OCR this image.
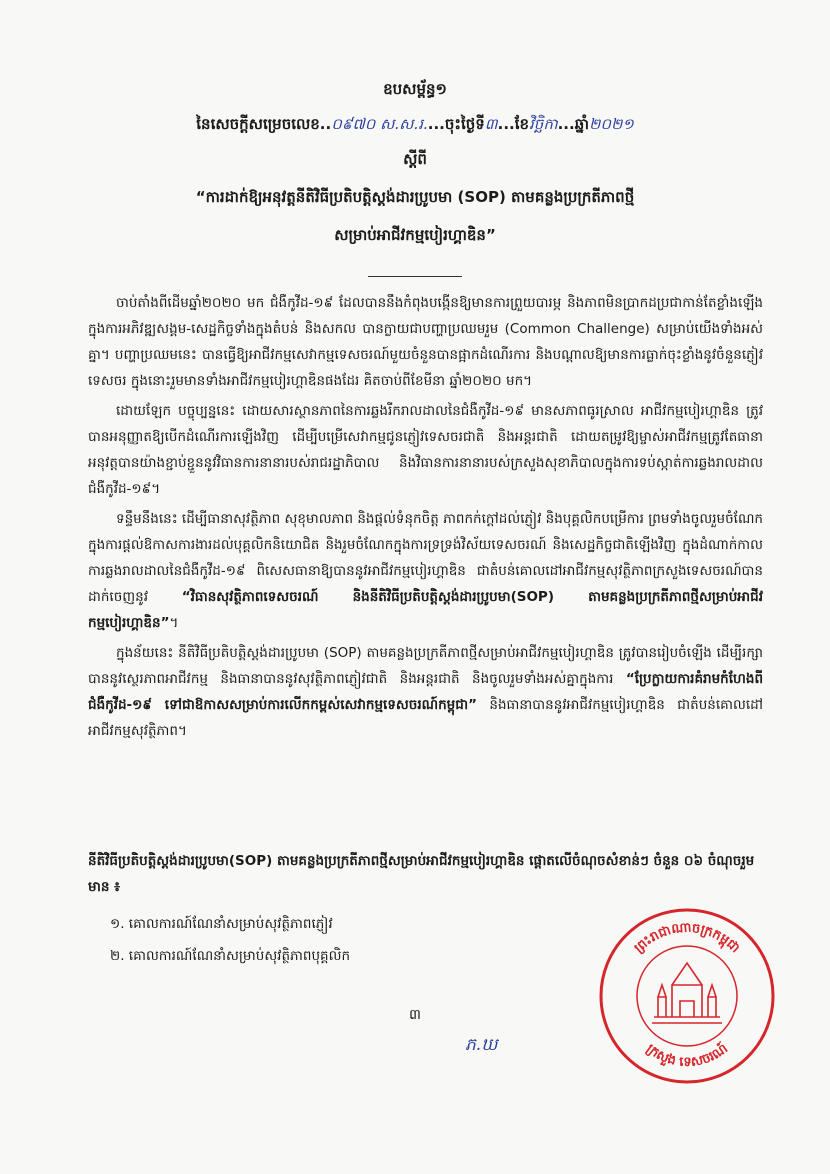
ឧបសម្ព័ន្ធ១
នៃសេចក្ដីសម្រេចលេខ..០៩៧០ ស.ស.រ....ចុះថ្ងៃទី៣...ខែវិច្ឆិកា...ឆ្នាំ២០២១
ស្ដីពី
“ការដាក់ឱ្យអនុវត្តនីតិវិធីប្រតិបត្តិស្តង់ដារប្រូបមា (SOP) តាមគន្លងប្រក្រតីភាពថ្មី
សម្រាប់អាជីវកម្មបៀរហ្គាឌិន”

ចាប់តាំងពីដើមឆ្នាំ២០២០ មក ជំងឺកូវីដ-១៩ ដែលបាននឹងកំពុងបង្កើនឱ្យមានការព្រួយបារម្ភ និងភាពមិនប្រាកដប្រជាកាន់តែខ្លាំងឡើងក្នុងការអភិវឌ្ឍសង្គម-សេដ្ឋកិច្ចទាំងក្នុងតំបន់ និងសកល បានក្លាយជាបញ្ហាប្រឈមរួម (Common Challenge) សម្រាប់យើងទាំងអស់គ្នា។ បញ្ហាប្រឈមនេះ បានធ្វើឱ្យអាជីវកម្មសេវាកម្មទេសចរណ៍មួយចំនួនបានផ្អាកដំណើរការ និងបណ្ដាលឱ្យមានការធ្លាក់ចុះខ្លាំងនូវចំនួនភ្ញៀវទេសចរ ក្នុងនោះរួមមានទាំងអាជីវកម្មបៀរហ្គាឌិនផងដែរ គិតចាប់ពីខែមីនា ឆ្នាំ២០២០ មក។

ដោយឡែក បច្ចុប្បន្ននេះ ដោយសារស្ថានភាពនៃការឆ្លងរីករាលដាលនៃជំងឺកូវីដ-១៩ មានសភាពធូរស្រាល អាជីវកម្មបៀរហ្គាឌិន ត្រូវបានអនុញ្ញាតឱ្យបើកដំណើរការឡើងវិញ ដើម្បីបម្រើសេវាកម្មជូនភ្ញៀវទេសចរជាតិ និងអន្តរជាតិ ដោយតម្រូវឱ្យម្ចាស់អាជីវកម្មត្រូវតែធានាអនុវត្តបានយ៉ាងខ្ជាប់ខ្ជួននូវវិធានការនានារបស់រាជរដ្ឋាភិបាល និងវិធានការនានារបស់ក្រសួងសុខាភិបាលក្នុងការទប់ស្កាត់ការឆ្លងរាលដាលជំងឺកូវីដ-១៩។

ទន្ទឹមនឹងនេះ ដើម្បីធានាសុវត្ថិភាព សុខុមាលភាព និងផ្ដល់ទំនុកចិត្ត ភាពកក់ក្ដៅដល់ភ្ញៀវ និងបុគ្គលិកបម្រើការ ព្រមទាំងចូលរួមចំណែកក្នុងការផ្ដល់ឱកាសការងារដល់បុគ្គលិកនិយោជិត និងរួមចំណែកក្នុងការទ្រទ្រង់វិស័យទេសចរណ៍ និងសេដ្ឋកិច្ចជាតិឡើងវិញ ក្នុងដំណាក់កាលការឆ្លងរាលដាលនៃជំងឺកូវីដ-១៩ ពិសេសធានាឱ្យបាននូវអាជីវកម្មបៀរហ្គាឌិន ជាតំបន់គោលដៅអាជីវកម្មសុវត្ថិភាពក្រសួងទេសចរណ៍បានដាក់ចេញនូវ “វិធានសុវត្ថិភាពទេសចរណ៍ និងនីតិវិធីប្រតិបត្តិស្តង់ដារប្រូបមា(SOP) តាមគន្លងប្រក្រតីភាពថ្មីសម្រាប់អាជីវកម្មបៀរហ្គាឌិន”។

ក្នុងន័យនេះ នីតិវិធីប្រតិបត្តិស្តង់ដារប្រូបមា (SOP) តាមគន្លងប្រក្រតីភាពថ្មីសម្រាប់អាជីវកម្មបៀរហ្គាឌិន ត្រូវបានរៀបចំឡើង ដើម្បីរក្សាបាននូវស្ថេរភាពអាជីវកម្ម និងធានាបាននូវសុវត្ថិភាពភ្ញៀវជាតិ និងអន្តរជាតិ និងចូលរួមទាំងអស់គ្នាក្នុងការ “ប្រែក្លាយការគំរាមកំហែងពីជំងឺកូវីដ-១៩ ទៅជាឱកាសសម្រាប់ការលើកកម្ពស់សេវាកម្មទេសចរណ៍កម្ពុជា” និងធានាបាននូវអាជីវកម្មបៀរហ្គាឌិន ជាតំបន់គោលដៅអាជីវកម្មសុវត្ថិភាព។

នីតិវិធីប្រតិបត្តិស្តង់ដារប្រូបមា(SOP) តាមគន្លងប្រក្រតីភាពថ្មីសម្រាប់អាជីវកម្មបៀរហ្គាឌិន ផ្ដោតលើចំណុចសំខាន់ៗ ចំនួន ០៦ ចំណុចរួមមាន ៖
១. គោលការណ៍ណែនាំសម្រាប់សុវត្ថិភាពភ្ញៀវ
២. គោលការណ៍ណែនាំសម្រាប់សុវត្ថិភាពបុគ្គលិក
៣
ភ.ឃ
ព្រះរាជាណាចក្រកម្ពុជា
ក្រសួង ទេសចរណ៍
